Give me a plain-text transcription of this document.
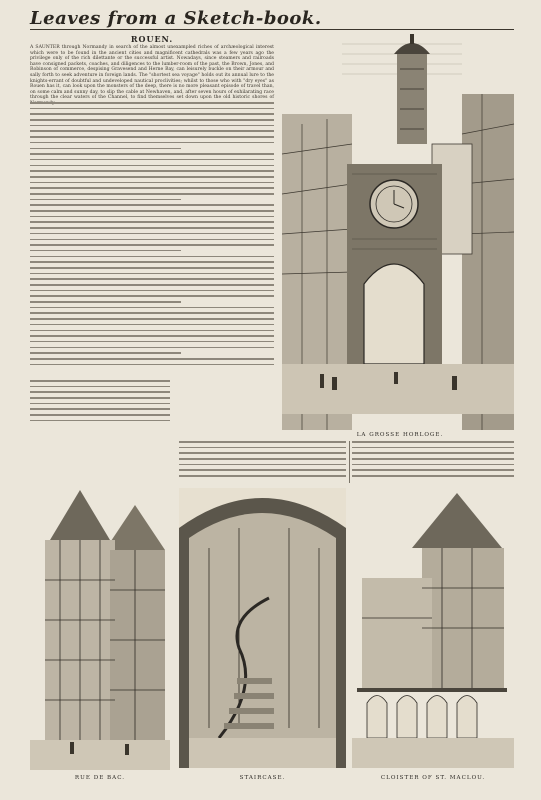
Leaves from a Sketch-book.
ROUEN.
A SAUNTER through Normandy in search of the almost unexampled riches of archæological interest which were to be found in the ancient cities and magnificent cathedrals was a few years ago the privilege only of the rich dilettante or the successful artist. Nowadays, since steamers and railroads have consigned packets, coaches, and diligences to the lumber-room of the past, the Brown, Jones, and Robinson of commerce, despising Gravesend and Herne Bay, can leisurely buckle on their armour and sally forth to seek adventure in foreign lands. The "shortest sea voyage" holds out its annual lure to the knights-errant of doubtful and undeveloped nautical proclivities; whilst to those who with "dry eyes" as Rouen has it, can look upon the monsters of the deep, there is no more pleasant episode of travel than, on some calm and sunny day, to slip the cable at Newhaven, and, after seven hours of exhilarating race through the clear waters of the Channel, to find themselves set down upon the old historic shores of
LA GROSSE HORLOGE.
RUE DE BAC.	STAIRCASE.	CLOISTER OF ST. MACLOU.
